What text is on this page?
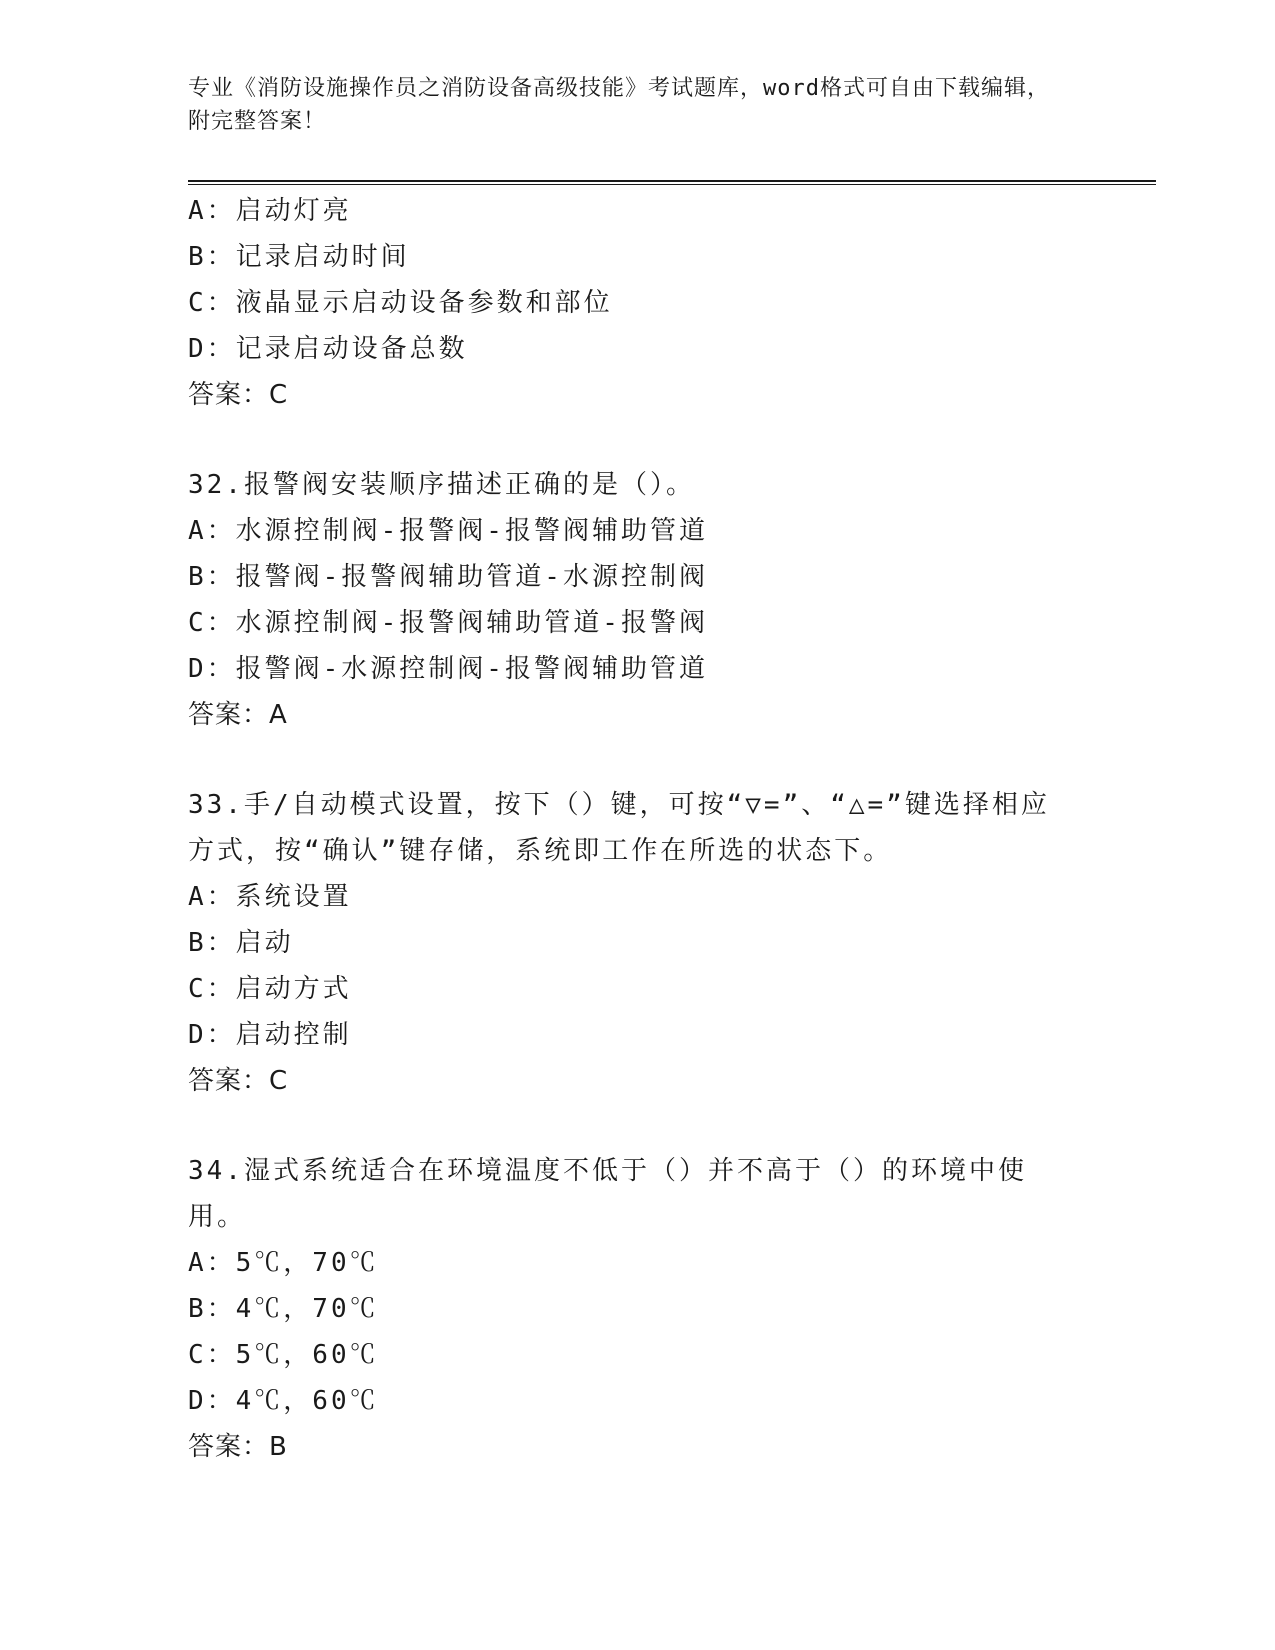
专业《消防设施操作员之消防设备高级技能》考试题库，word格式可自由下载编辑，附完整答案！
A：启动灯亮
B：记录启动时间
C：液晶显示启动设备参数和部位
D：记录启动设备总数
答案：C
32.报警阀安装顺序描述正确的是（）。
A：水源控制阀-报警阀-报警阀辅助管道
B：报警阀-报警阀辅助管道-水源控制阀
C：水源控制阀-报警阀辅助管道-报警阀
D：报警阀-水源控制阀-报警阀辅助管道
答案：A
33.手/自动模式设置，按下（）键，可按“▽=”、“△=”键选择相应方式，按“确认”键存储，系统即工作在所选的状态下。
A：系统设置
B：启动
C：启动方式
D：启动控制
答案：C
34.湿式系统适合在环境温度不低于（）并不高于（）的环境中使用。
A：5℃，70℃
B：4℃，70℃
C：5℃，60℃
D：4℃，60℃
答案：B
